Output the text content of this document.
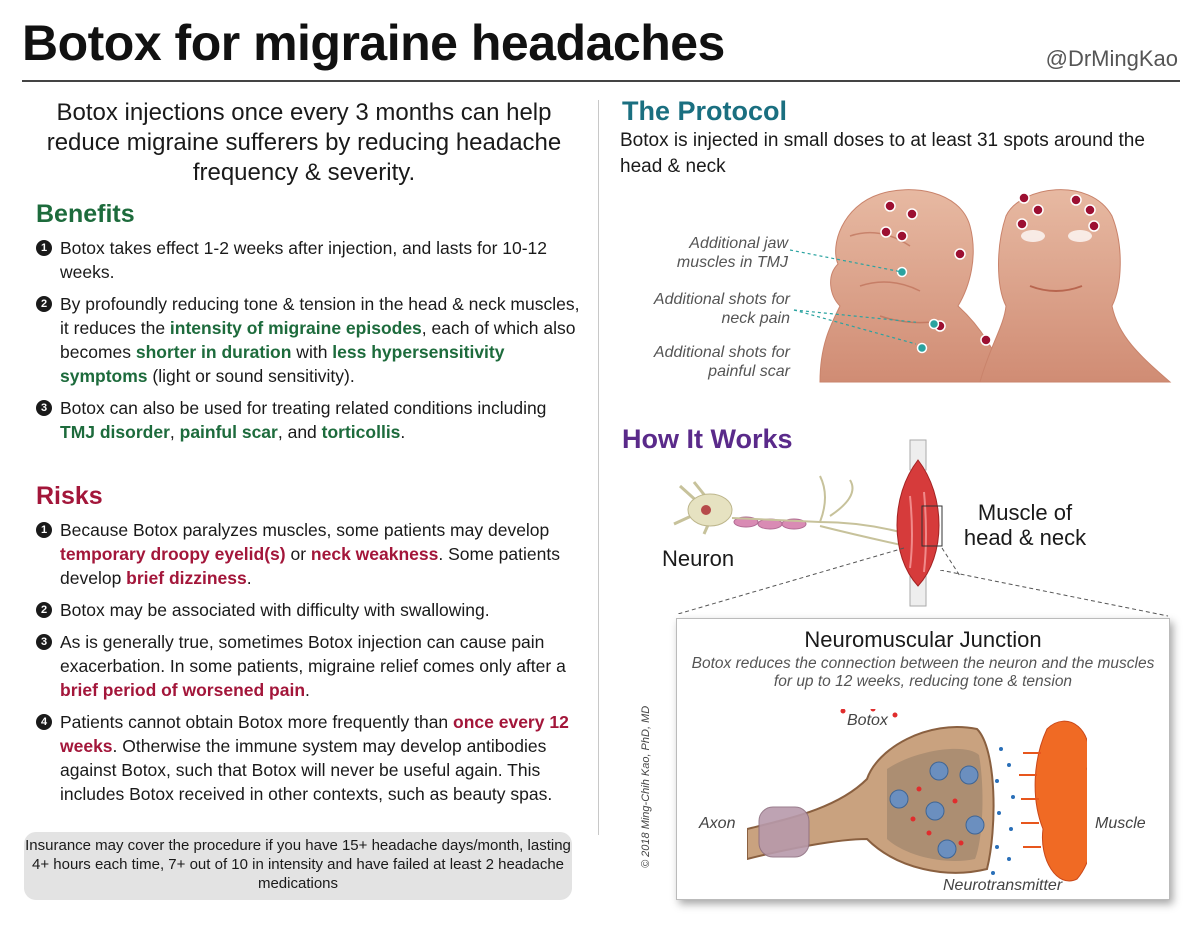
Botox for migraine headaches	@DrMingKao
Botox injections once every 3 months can help reduce migraine sufferers by reducing headache frequency & severity.
Benefits
1 Botox takes effect 1-2 weeks after injection, and lasts for 10-12 weeks.
2 By profoundly reducing tone & tension in the head & neck muscles, it reduces the intensity of migraine episodes, each of which also becomes shorter in duration with less hypersensitivity symptoms (light or sound sensitivity).
3 Botox can also be used for treating related conditions including TMJ disorder, painful scar, and torticollis.
Risks
1 Because Botox paralyzes muscles, some patients may develop temporary droopy eyelid(s) or neck weakness. Some patients develop brief dizziness.
2 Botox may be associated with difficulty with swallowing.
3 As is generally true, sometimes Botox injection can cause pain exacerbation. In some patients, migraine relief comes only after a brief period of worsened pain.
4 Patients cannot obtain Botox more frequently than once every 12 weeks. Otherwise the immune system may develop antibodies against Botox, such that Botox will never be useful again. This includes Botox received in other contexts, such as beauty spas.
Insurance may cover the procedure if you have 15+ headache days/month, lasting 4+ hours each time, 7+ out of 10 in intensity and have failed at least 2 headache medications
The Protocol
Botox is injected in small doses to at least 31 spots around the head & neck
Additional jaw muscles in TMJ
Additional shots for neck pain
Additional shots for painful scar
How It Works
Neuron
Muscle of head & neck
Neuromuscular Junction
Botox reduces the connection between the neuron and the muscles for up to 12 weeks, reducing tone & tension
Botox
Axon	Muscle
Neurotransmitter
© 2018 Ming-Chih Kao, PhD, MD
